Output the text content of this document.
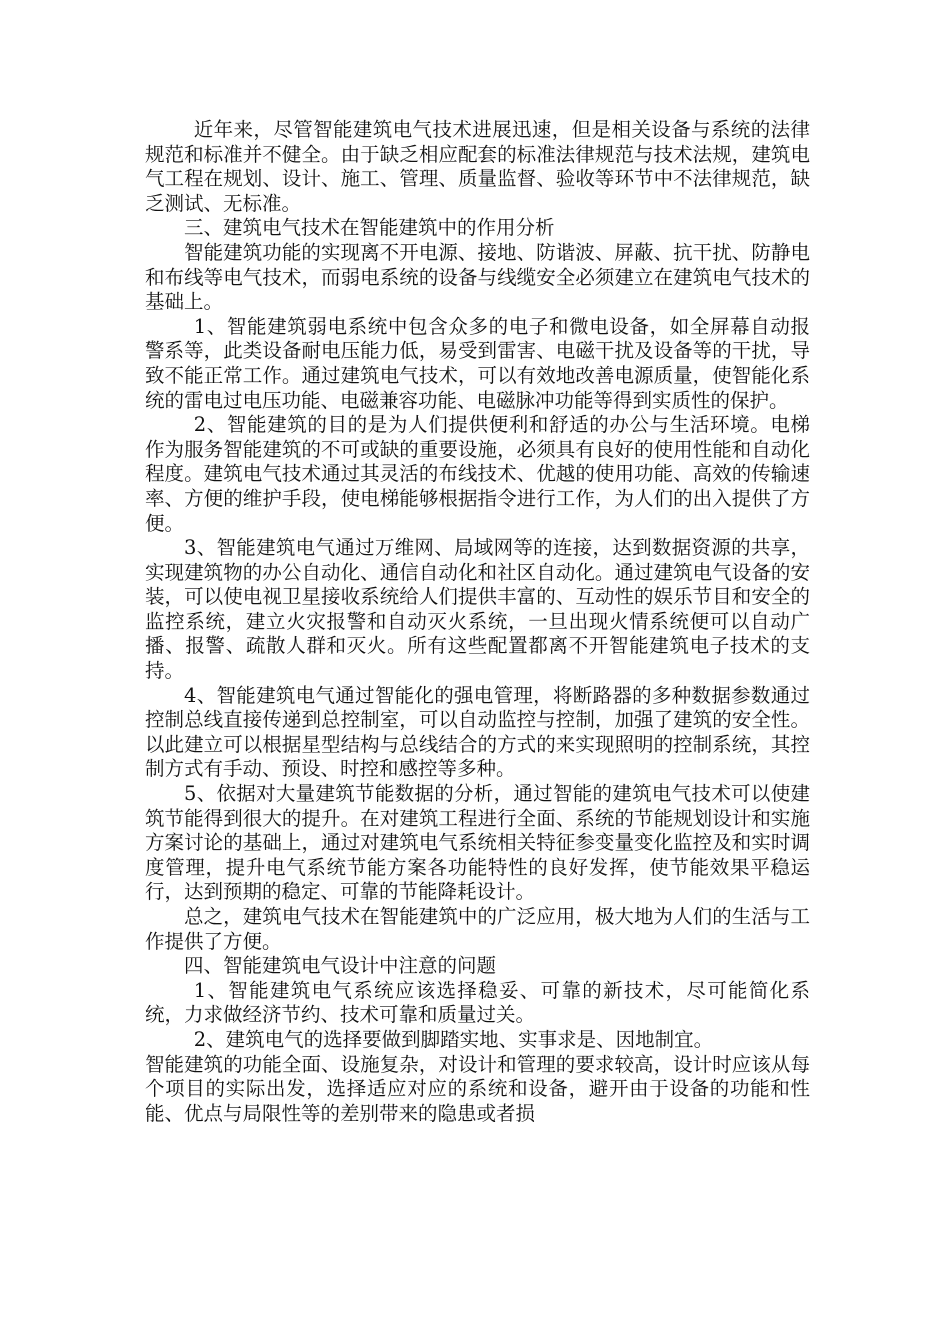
近年来，尽管智能建筑电气技术进展迅速，但是相关设备与系统的法律规范和标准并不健全。由于缺乏相应配套的标准法律规范与技术法规，建筑电气工程在规划、设计、施工、管理、质量监督、验收等环节中不法律规范，缺乏测试、无标准。

三、建筑电气技术在智能建筑中的作用分析

智能建筑功能的实现离不开电源、接地、防谐波、屏蔽、抗干扰、防静电和布线等电气技术，而弱电系统的设备与线缆安全必须建立在建筑电气技术的基础上。

1、智能建筑弱电系统中包含众多的电子和微电设备，如全屏幕自动报警系等，此类设备耐电压能力低，易受到雷害、电磁干扰及设备等的干扰，导致不能正常工作。通过建筑电气技术，可以有效地改善电源质量，使智能化系统的雷电过电压功能、电磁兼容功能、电磁脉冲功能等得到实质性的保护。

2、智能建筑的目的是为人们提供便利和舒适的办公与生活环境。电梯作为服务智能建筑的不可或缺的重要设施，必须具有良好的使用性能和自动化程度。建筑电气技术通过其灵活的布线技术、优越的使用功能、高效的传输速率、方便的维护手段，使电梯能够根据指令进行工作，为人们的出入提供了方便。

3、智能建筑电气通过万维网、局域网等的连接，达到数据资源的共享，实现建筑物的办公自动化、通信自动化和社区自动化。通过建筑电气设备的安装，可以使电视卫星接收系统给人们提供丰富的、互动性的娱乐节目和安全的监控系统，建立火灾报警和自动灭火系统，一旦出现火情系统便可以自动广播、报警、疏散人群和灭火。所有这些配置都离不开智能建筑电子技术的支持。

4、智能建筑电气通过智能化的强电管理，将断路器的多种数据参数通过控制总线直接传递到总控制室，可以自动监控与控制，加强了建筑的安全性。以此建立可以根据星型结构与总线结合的方式的来实现照明的控制系统，其控制方式有手动、预设、时控和感控等多种。

5、依据对大量建筑节能数据的分析，通过智能的建筑电气技术可以使建筑节能得到很大的提升。在对建筑工程进行全面、系统的节能规划设计和实施方案讨论的基础上，通过对建筑电气系统相关特征参变量变化监控及和实时调度管理，提升电气系统节能方案各功能特性的良好发挥，使节能效果平稳运行，达到预期的稳定、可靠的节能降耗设计。

总之，建筑电气技术在智能建筑中的广泛应用，极大地为人们的生活与工作提供了方便。

四、智能建筑电气设计中注意的问题

1、智能建筑电气系统应该选择稳妥、可靠的新技术，尽可能简化系统，力求做经济节约、技术可靠和质量过关。

2、建筑电气的选择要做到脚踏实地、实事求是、因地制宜。

智能建筑的功能全面、设施复杂，对设计和管理的要求较高，设计时应该从每个项目的实际出发，选择适应对应的系统和设备，避开由于设备的功能和性能、优点与局限性等的差别带来的隐患或者损
